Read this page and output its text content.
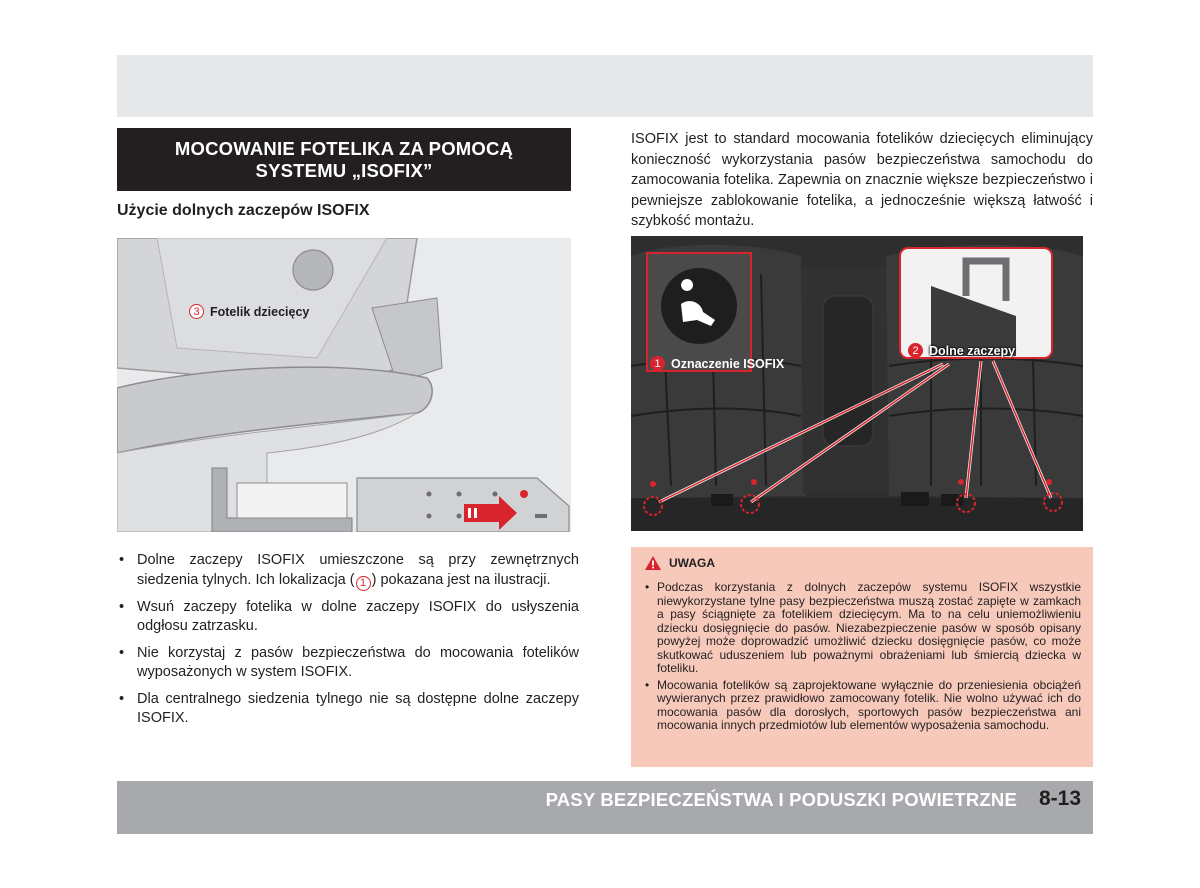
MOCOWANIE FOTELIKA ZA POMOCĄ
SYSTEMU „ISOFIX”
Użycie dolnych zaczepów ISOFIX
3 Fotelik dziecięcy
• Dolne zaczepy ISOFIX umieszczone są przy zewnętrznych siedzenia tylnych. Ich lokalizacja ( 1 ) pokazana jest na ilustracji.
• Wsuń zaczepy fotelika w dolne zaczepy ISOFIX do usłyszenia odgłosu zatrzasku.
• Nie korzystaj z pasów bezpieczeństwa do mocowania fotelików wyposażonych w system ISOFIX.
• Dla centralnego siedzenia tylnego nie są dostępne dolne zaczepy ISOFIX.

ISOFIX jest to standard mocowania fotelików dziecięcych eliminujący konieczność wykorzystania pasów bezpieczeństwa samochodu do zamocowania fotelika. Zapewnia on znacznie większe bezpieczeństwo i pewniejsze zablokowanie fotelika, a jednocześnie większą łatwość i szybkość montażu.

1 Oznaczenie ISOFIX
2 Dolne zaczepy
UWAGA
• Podczas korzystania z dolnych zaczepów systemu ISOFIX wszystkie niewykorzystane tylne pasy bezpieczeństwa muszą zostać zapięte w zamkach a pasy ściągnięte za fotelikiem dziecięcym. Ma to na celu uniemożliwieniu dziecku dosięgnięcie do pasów. Niezabezpieczenie pasów w sposób opisany powyżej może doprowadzić umożliwić dziecku dosięgnięcie pasów, co może skutkować uduszeniem lub poważnymi obrażeniami lub śmiercią dziecka w foteliku.
• Mocowania fotelików są zaprojektowane wyłącznie do przeniesienia obciążeń wywieranych przez prawidłowo zamocowany fotelik. Nie wolno używać ich do mocowania pasów dla dorosłych, sportowych pasów bezpieczeństwa ani mocowania innych przedmiotów lub elementów wyposażenia samochodu.
PASY BEZPIECZEŃSTWA I PODUSZKI POWIETRZNE 8-13
